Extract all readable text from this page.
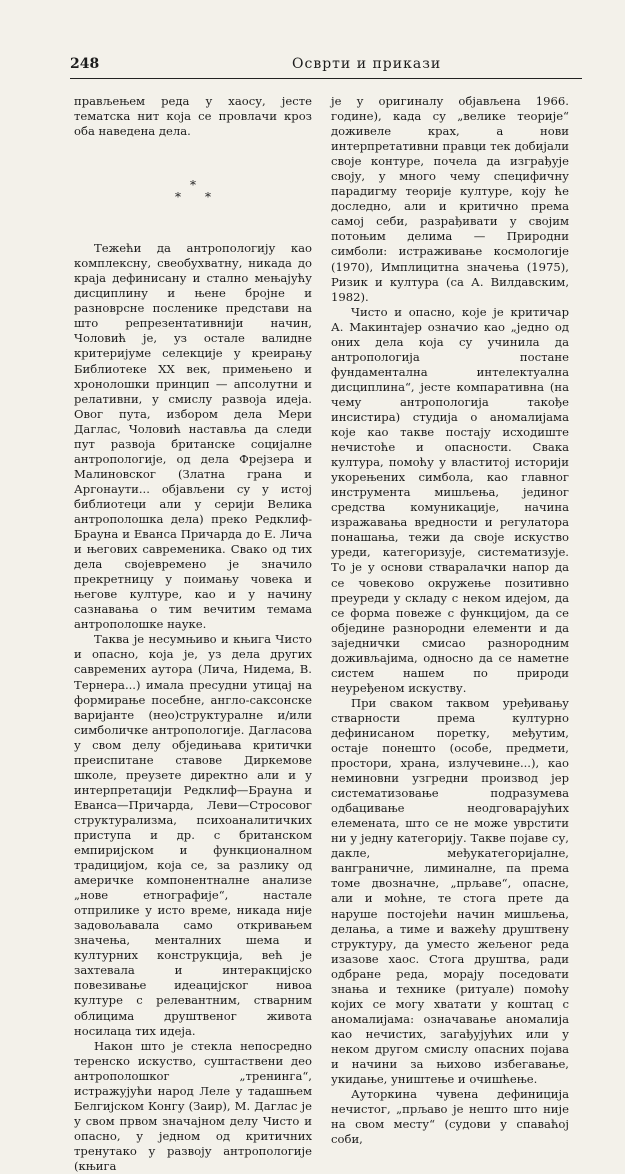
248	Осврти и прикази

прављењем реда у хаосу, јесте тематска нит која се провлачи кроз оба наведена дела.

*
* *

Тежећи да антропологију као комплексну, свеобухватну, никада до краја дефинисану и стално мењајућу дисциплину и њене бројне и разноврсне посленике представи на што репрезентативнији начин, Чоловић је, уз остале валидне критеријуме селекције у креирању Библиотеке XX век, примењено и хронолошки принцип — апсолутни и релативни, у смислу развоја идеја. Овог пута, избором дела Мери Даглас, Чоловић наставља да следи пут развоја британске социјалне антропологије, од дела Фрејзера и Малиновског (Златна грана и Аргонаути... објављени су у истој библиотеци али у серији Велика антрополошка дела) преко Редклиф-Брауна и Еванса Причарда до Е. Лича и његових савременика. Свако од тих дела својевремено је значило прекретницу у поимању човека и његове културе, као и у начину сазнавања о тим вечитим темама антрополошке науке.

Таква је несумњиво и књига Чисто и опасно, која је, уз дела других савремених аутора (Лича, Нидема, В. Тернера...) имала пресудни утицај на формирање посебне, англо-саксонске варијанте (нео)структуралне и/или симболичке антропологије. Дагласова у свом делу обједињава критички преиспитане ставове Диркемове школе, преузете директно али и у интерпретацији Редклиф—Брауна и Еванса—Причарда, Леви—Стросовог структурализма, психоаналитичких приступа и др. с британском емпиријском и функционалном традицијом, која се, за разлику од америчке компонентналне анализе „нове етнографије“, насталe отприлике у исто време, никада није задовољавала само откривањем значења, менталних шема и културних конструкција, већ је захтевала и интеракцијско повезивање идеацијског нивоа културе с релевантним, стварним облицима друштвеног живота носилаца тих идеја.

Након што је стекла непосредно теренско искуство, суштаствени део антрополошког „тренинга“, истражујући народ Леле у тадашњем Белгијском Конгу (Заир), М. Даглас је у свом првом значајном делу Чисто и опасно, у једном од критичних тренутако у развоју антропологије (књига

је у оригиналу објављена 1966. године), када су „велике теорије“ доживеле крах, а нови интерпретативни правци тек добијали своје контуре, почела да изграђује своју, у много чему специфичну парадигму теорије културе, коју ће доследно, али и критично према самој себи, разрађивати у својим потоњим делима — Природни симболи: истраживање космологије (1970), Имплицитна значења (1975), Ризик и култура (са А. Вилдавским, 1982).

Чисто и опасно, које је критичар А. Макинтајер означио као „једно од оних дела која су учинила да антропологија постане фундаментална интелектуална дисциплина“, јесте компаративна (на чему антропологија такође инсистира) студија о аномалијама које као такве постају исходиште нечистоће и опасности. Свака култура, помоћу у властитој историји укорењених симбола, као главног инструмента мишљења, јединог средства комуникације, начина изражавања вредности и регулатора понашања, тежи да своје искуство уреди, категоризује, систематизује. То је у основи стваралачки напор да се човеково окружење позитивно преуреди у складу с неком идејом, да се форма повеже с функцијом, да се обједине разнородни елементи и да заједнички смисао разнородним доживљајима, односно да се наметне систем нашем по природи неуређеном искуству.

При сваком таквом уређивању стварности према културно дефинисаном поретку, међутим, остаје понешто (особе, предмети, простори, храна, излучевине...), као неминовни узгредни производ јер систематизовање подразумева одбацивање неодговарајућих елемената, што се не може уврстити ни у једну категорију. Такве појаве су, дакле, међукатегоријалне, ванграничне, лиминалне, па према томе двозначне, „прљаве“, опасне, али и моћне, те стога прете да наруше постојећи начин мишљења, делања, а тиме и важећу друштвену структуру, да уместо жељеног реда изазове хаос. Стога друштва, ради одбране реда, морају поседовати знања и технике (ритуале) помоћу којих се могу хватати у коштац с аномалијама: означавање аномалија као нечистих, загађујућих или у неком другом смислу опасних појава и начини за њихово избегавање, укидање, уништење и очишћење.

Ауторкина чувена дефиниција нечистог, „прљаво је нешто што није на свом месту“ (судови у спаваћој соби,
